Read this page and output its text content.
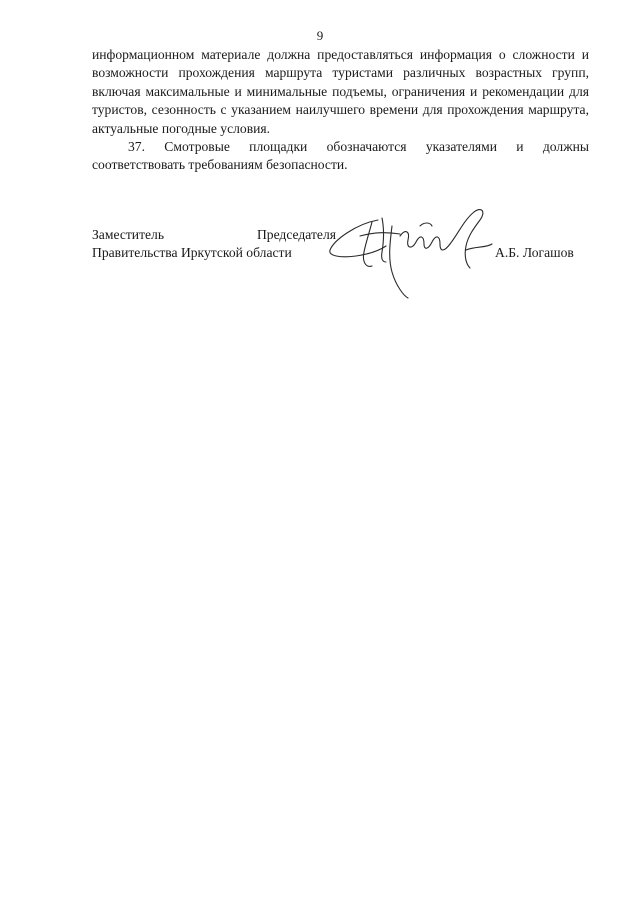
9

информационном материале должна предоставляться информация о сложности и возможности прохождения маршрута туристами различных возрастных групп, включая максимальные и минимальные подъемы, ограничения и рекомендации для туристов, сезонность с указанием наилучшего времени для прохождения маршрута, актуальные погодные условия.

37. Смотровые площадки обозначаются указателями и должны соответствовать требованиям безопасности.

Заместитель	Председателя
Правительства Иркутской области	А.Б. Логашов
